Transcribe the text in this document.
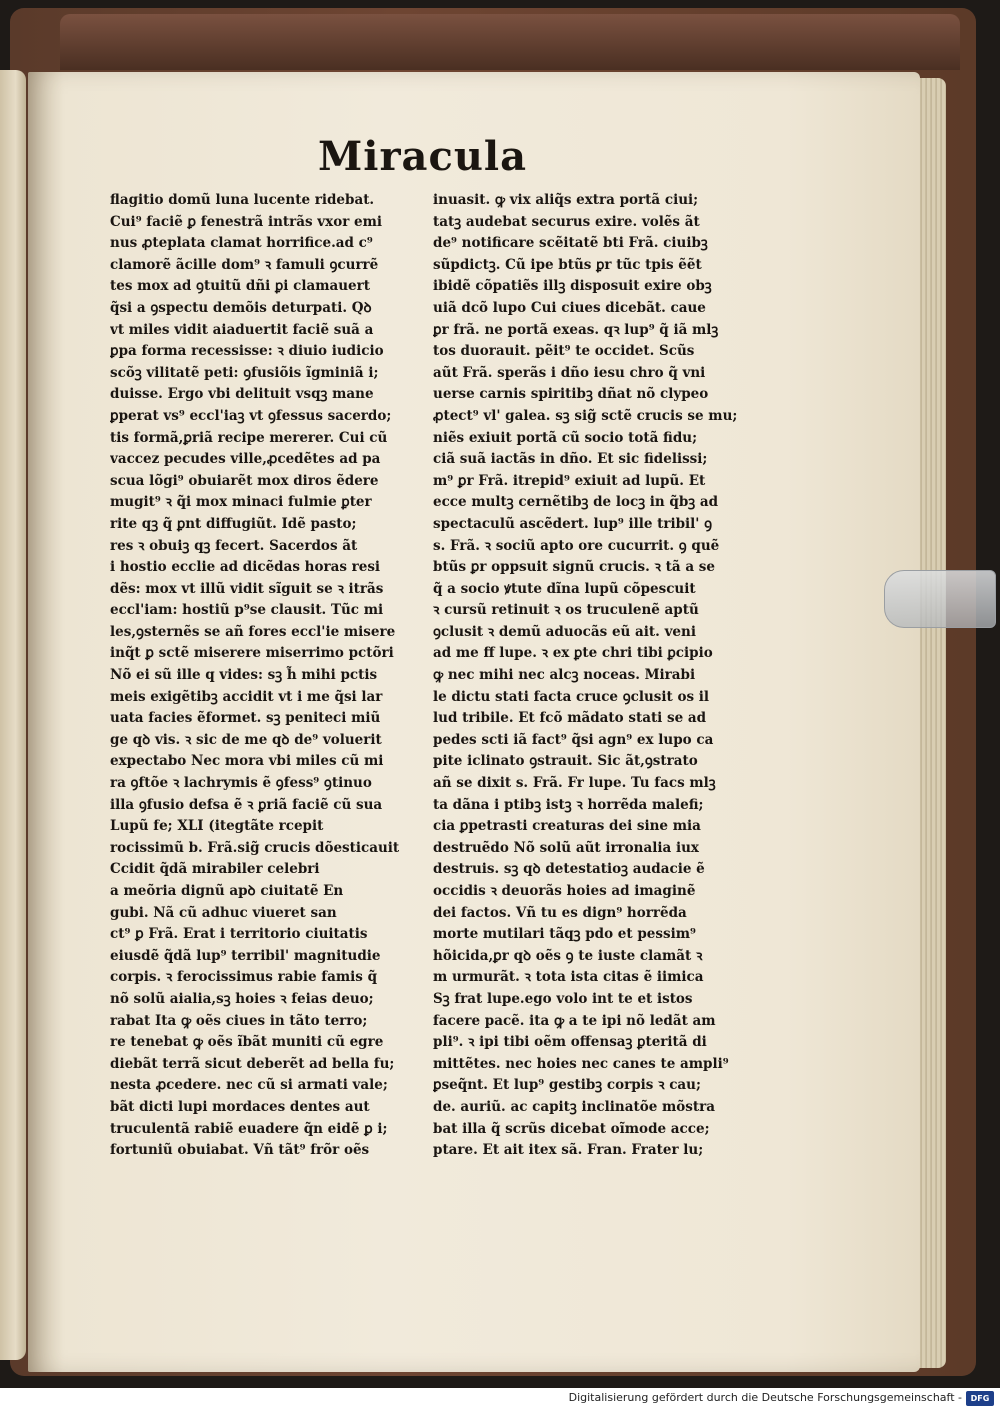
Miracula
flagitio domũ luna lucente ridebat.
Cui⁹ faciẽ ꝑ fenestrã intrãs vxor emi
nus ꝓteplata clamat horrifice.ad c⁹
clamorẽ ãcille dom⁹ ꝛ famuli ꝯcurrẽ
tes mox ad ꝯtuitũ dñi ꝑi clamauert
q̃si a ꝯspectu demõis deturpati. Qꝺ
vt miles vidit aiaduertit faciẽ suã a
ꝑpa forma recessisse: ꝛ diuio iudicio
scõꝫ vilitatẽ peti: ꝯfusiõis ĩgminiã i;
duisse. Ergo vbi delituit vsqꝫ mane
ꝑperat vs⁹ eccl'iaꝫ vt ꝯfessus sacerdo;
tis formã,ꝑriã recipe mererer. Cui cũ
vaccez pecudes ville,ꝓcedẽtes ad pa
scua lõgi⁹ obuiarẽt mox diros ẽdere
mugit⁹ ꝛ q̃i mox minaci fulmie ꝑter
rite qꝫ q̃ ꝑnt diffugiũt. Idẽ pasto;
res ꝛ obuiꝫ qꝫ fecert. Sacerdos ãt
i hostio ecclie ad dicẽdas horas resi
dẽs: mox vt illũ vidit sĩguit se ꝛ itrãs
eccl'iam: hostiũ p⁹se clausit. Tũc mi
les,ꝯsternẽs se añ fores eccl'ie misere
inq̃t ꝑ sctẽ miserere miserrimo pctõri
Nõ ei sũ ille q vides: sꝫ h̃ mihi pctis
meis exigẽtibꝫ accidit vt i me q̃si lar
uata facies ẽformet. sꝫ peniteci miũ
ge qꝺ vis. ꝛ sic de me qꝺ de⁹ voluerit
expectabo Nec mora vbi miles cũ mi
ra ꝯftõe ꝛ lachrymis ẽ ꝯfess⁹ ꝯtinuo
illa ꝯfusio defsa ẽ ꝛ ꝑriã faciẽ cũ sua
Lupũ fe; XLI (itegtãte rcepit
rocissimũ b. Frã.sig̃ crucis dõesticauit
Ccidit q̃dã mirabiler celebri
a meõria dignũ apꝺ ciuitatẽ En
gubi. Nã cũ adhuc viueret san
ct⁹ ꝑ Frã. Erat i territorio ciuitatis
eiusdẽ q̃dã lup⁹ terribil' magnitudie
corpis. ꝛ ferocissimus rabie famis q̃
nõ solũ aialia,sꝫ hoies ꝛ feias deuo;
rabat Ita ꝙ oẽs ciues in tãto terro;
re tenebat ꝙ oẽs ĩbãt muniti cũ egre
diebãt terrã sicut deberẽt ad bella fu;
nesta ꝓcedere. nec cũ si armati vale;
bãt dicti lupi mordaces dentes aut
truculentã rabiẽ euadere q̃n eidẽ ꝑ i;
fortuniũ obuiabat. Vñ tãt⁹ frõr oẽs
inuasit. ꝙ vix aliq̃s extra portã ciui;
tatꝫ audebat securus exire. volẽs ãt
de⁹ notificare scẽitatẽ bti Frã. ciuibꝫ
sũpdictꝫ. Cũ ipe btũs ꝑr tũc tpis ẽẽt
ibidẽ cõpatiẽs illꝫ disposuit exire obꝫ
uiã dcõ lupo Cui ciues dicebãt. caue
ꝑr frã. ne portã exeas. qꝛ lup⁹ q̃ iã mlꝫ
tos duorauit. pẽit⁹ te occidet. Scũs
aũt Frã. sperãs i dño iesu chro q̃ vni
uerse carnis spiritibꝫ dñat nõ clypeo
ꝓtect⁹ vl' galea. sꝫ sig̃ sctẽ crucis se mu;
niẽs exiuit portã cũ socio totã fidu;
ciã suã iactãs in dño. Et sic fidelissi;
m⁹ ꝑr Frã. itrepid⁹ exiuit ad lupũ. Et
ecce multꝫ cernẽtibꝫ de locꝫ in q̃bꝫ ad
spectaculũ ascẽdert. lup⁹ ille tribil' ꝯ
s. Frã. ꝛ sociũ apto ore cucurrit. ꝯ quẽ
btũs ꝑr oppsuit signũ crucis. ꝛ tã a se
q̃ a socio ꝟtute dĩna lupũ cõpescuit
ꝛ cursũ retinuit ꝛ os truculenẽ aptũ
ꝯclusit ꝛ demũ aduocãs eũ ait. veni
ad me ff lupe. ꝛ ex ꝑte chri tibi ꝑcipio
ꝙ nec mihi nec alcꝫ noceas. Mirabi
le dictu stati facta cruce ꝯclusit os il
lud tribile. Et fcõ mãdato stati se ad
pedes scti iã fact⁹ q̃si agn⁹ ex lupo ca
pite iclinato ꝯstrauit. Sic ãt,ꝯstrato
añ se dixit s. Frã. Fr lupe. Tu facs mlꝫ
ta dãna i ptibꝫ istꝫ ꝛ horrẽda malefi;
cia ꝑpetrasti creaturas dei sine mia
destruẽdo Nõ solũ aũt irronalia iux
destruis. sꝫ qꝺ detestatioꝫ audacie ẽ
occidis ꝛ deuorãs hoies ad imaginẽ
dei factos. Vñ tu es dign⁹ horrẽda
morte mutilari tãqꝫ pdo et pessim⁹
hõicida,ꝑr qꝺ oẽs ꝯ te iuste clamãt ꝛ
m urmurãt. ꝛ tota ista citas ẽ iimica
Sꝫ frat lupe.ego volo int te et istos
facere pacẽ. ita ꝙ a te ipi nõ ledãt am
pli⁹. ꝛ ipi tibi oẽm offensaꝫ ꝑteritã di
mittẽtes. nec hoies nec canes te ampli⁹
ꝑseq̃nt. Et lup⁹ gestibꝫ corpis ꝛ cau;
de. auriũ. ac capitꝫ inclinatõe mõstra
bat illa q̃ scrũs dicebat oĩmode acce;
ptare. Et ait itex sã. Fran. Frater lu;
Digitalisierung gefördert durch die Deutsche Forschungsgemeinschaft -	DFG
